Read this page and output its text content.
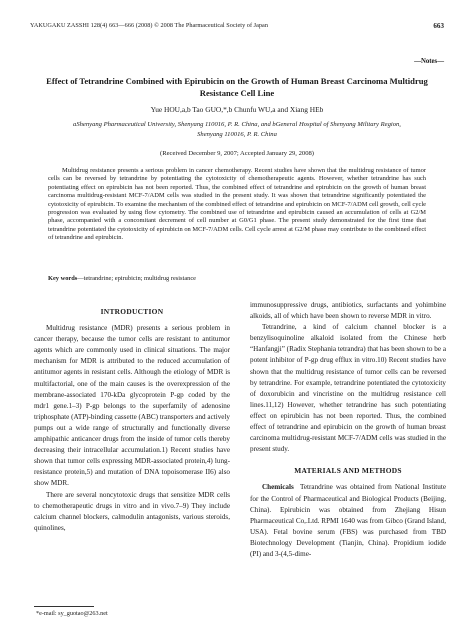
YAKUGAKU ZASSHI 128(4) 663—666 (2008) © 2008 The Pharmaceutical Society of Japan	663
—Notes—
Effect of Tetrandrine Combined with Epirubicin on the Growth of Human Breast Carcinoma Multidrug Resistance Cell Line
Yue HOU,a,b Tao GUO,*,b Chunfu WU,a and Xiang HEb
aShenyang Pharmaceutical University, Shenyang 110016, P. R. China, and bGeneral Hospital of Shenyang Military Region, Shenyang 110016, P. R. China
(Received December 9, 2007; Accepted January 29, 2008)
Multidrug resistance presents a serious problem in cancer chemotherapy. Recent studies have shown that the multidrug resistance of tumor cells can be reversed by tetrandrine by potentiating the cytotoxicity of chemotherapeutic agents. However, whether tetrandrine has such potentiating effect on epirubicin has not been reported. Thus, the combined effect of tetrandrine and epirubicin on the growth of human breast carcinoma multidrug-resistant MCF-7/ADM cells was studied in the present study. It was shown that tetrandrine significantly potentiated the cytotoxicity of epirubicin. To examine the mechanism of the combined effect of tetrandrine and epirubicin on MCF-7/ADM cell growth, cell cycle progression was evaluated by using flow cytometry. The combined use of tetrandrine and epirubicin caused an accumulation of cells at G2/M phase, accompanied with a concomitant decrement of cell number at G0/G1 phase. The present study demonstrated for the first time that tetrandrine potentiated the cytotoxicity of epirubicin on MCF-7/ADM cells. Cell cycle arrest at G2/M phase may contribute to the combined effect of tetrandrine and epirubicin.
Key words—tetrandrine; epirubicin; multidrug resistance
INTRODUCTION

Multidrug resistance (MDR) presents a serious problem in cancer therapy, because the tumor cells are resistant to antitumor agents which are commonly used in clinical situations. The major mechanism for MDR is attributed to the reduced accumulation of antitumor agents in resistant cells. Although the etiology of MDR is multifactorial, one of the main causes is the overexpression of the membrane-associated 170-kDa glycoprotein P-gp coded by the mdr1 gene.1–3) P-gp belongs to the superfamily of adenosine triphosphate (ATP)-binding cassette (ABC) transporters and actively pumps out a wide range of structurally and functionally diverse amphipathic anticancer drugs from the inside of tumor cells thereby decreasing their intracellular accumulation.1) Recent studies have shown that tumor cells expressing MDR-associated protein,4) lung-resistance protein,5) and mutation of DNA topoisomerase II6) also show MDR.

There are several noncytotoxic drugs that sensitize MDR cells to chemotherapeutic drugs in vitro and in vivo.7–9) They include calcium channel blockers, calmodulin antagonists, various steroids, quinolines,

immunosuppressive drugs, antibiotics, surfactants and yohimbine alkoids, all of which have been shown to reverse MDR in vitro.

Tetrandrine, a kind of calcium channel blocker is a benzylisoquinoline alkaloid isolated from the Chinese herb “Hanfangji” (Radix Stephania tetrandra) that has been shown to be a potent inhibitor of P-gp drug efflux in vitro.10) Recent studies have shown that the multidrug resistance of tumor cells can be reversed by tetrandrine. For example, tetrandrine potentiated the cytotoxicity of doxorubicin and vincristine on the multidrug resistance cell lines.11,12) However, whether tetrandrine has such potentiating effect on epirubicin has not been reported. Thus, the combined effect of tetrandrine and epirubicin on the growth of human breast carcinoma multidrug-resistant MCF-7/ADM cells was studied in the present study.

MATERIALS AND METHODS

Chemicals Tetrandrine was obtained from National Institute for the Control of Pharmaceutical and Biological Products (Beijing, China). Epirubicin was obtained from Zhejiang Hisun Pharmaceutical Co,.Ltd. RPMI 1640 was from Gibco (Grand Island, USA). Fetal bovine serum (FBS) was purchased from TBD Biotechnology Development (Tianjin, China). Propidium iodide (PI) and 3-(4,5-dime-

*e-mail: sy_guotao@263.net
